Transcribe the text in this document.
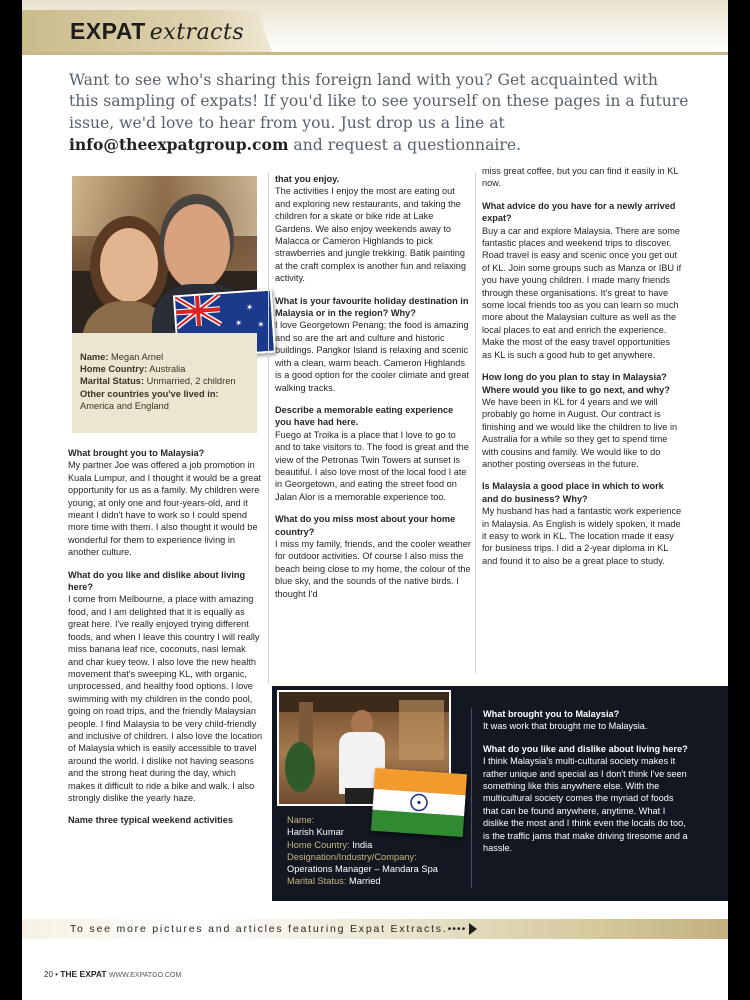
EXPAT extracts

Want to see who's sharing this foreign land with you? Get acquainted with this sampling of expats! If you'd like to see yourself on these pages in a future issue, we'd love to hear from you. Just drop us a line at info@theexpatgroup.com and request a questionnaire.

✶
✶ ✶
Name: Megan Arnel
Home Country: Australia
Marital Status: Unmarried, 2 children
Other countries you've lived in:
America and England

What brought you to Malaysia?
My partner Joe was offered a job promotion in Kuala Lumpur, and I thought it would be a great opportunity for us as a family. My children were young, at only one and four-years-old, and it meant I didn't have to work so I could spend more time with them. I also thought it would be wonderful for them to experience living in another culture.

What do you like and dislike about living here?
I come from Melbourne, a place with amazing food, and I am delighted that it is equally as great here. I've really enjoyed trying different foods, and when I leave this country I will really miss banana leaf rice, coconuts, nasi lemak and char kuey teow. I also love the new health movement that's sweeping KL, with organic, unprocessed, and healthy food options. I love swimming with my children in the condo pool, going on road trips, and the friendly Malaysian people. I find Malaysia to be very child-friendly and inclusive of children. I also love the location of Malaysia which is easily accessible to travel around the world. I dislike not having seasons and the strong heat during the day, which makes it difficult to ride a bike and walk. I also strongly dislike the yearly haze.

Name three typical weekend activities

that you enjoy.
The activities I enjoy the most are eating out and exploring new restaurants, and taking the children for a skate or bike ride at Lake Gardens. We also enjoy weekends away to Malacca or Cameron Highlands to pick strawberries and jungle trekking. Batik painting at the craft complex is another fun and relaxing activity.

What is your favourite holiday destination in Malaysia or in the region? Why?
I love Georgetown Penang; the food is amazing and so are the art and culture and historic buildings. Pangkor Island is relaxing and scenic with a clean, warm beach. Cameron Highlands is a good option for the cooler climate and great walking tracks.

Describe a memorable eating experience you have had here.
Fuego at Troika is a place that I love to go to and to take visitors to. The food is great and the view of the Petronas Twin Towers at sunset is beautiful. I also love most of the local food I ate in Georgetown, and eating the street food on Jalan Alor is a memorable experience too.

What do you miss most about your home country?
I miss my family, friends, and the cooler weather for outdoor activities. Of course I also miss the beach being close to my home, the colour of the blue sky, and the sounds of the native birds. I thought I'd

miss great coffee, but you can find it easily in KL now.

What advice do you have for a newly arrived expat?
Buy a car and explore Malaysia. There are some fantastic places and weekend trips to discover. Road travel is easy and scenic once you get out of KL. Join some groups such as Manza or IBU if you have young children. I made many friends through these organisations. It's great to have some local friends too as you can learn so much more about the Malaysian culture as well as the local places to eat and enrich the experience. Make the most of the easy travel opportunities as KL is such a good hub to get anywhere.

How long do you plan to stay in Malaysia? Where would you like to go next, and why?
We have been in KL for 4 years and we will probably go home in August. Our contract is finishing and we would like the children to live in Australia for a while so they get to spend time with cousins and family. We would like to do another posting overseas in the future.

Is Malaysia a good place in which to work and do business? Why?
My husband has had a fantastic work experience in Malaysia. As English is widely spoken, it made it easy to work in KL. The location made it easy for business trips. I did a 2-year diploma in KL and found it to also be a great place to study.

Name:
Harish Kumar
Home Country: India
Designation/Industry/Company:
Operations Manager – Mandara Spa
Marital Status: Married

What brought you to Malaysia?
It was work that brought me to Malaysia.

What do you like and dislike about living here?
I think Malaysia's multi-cultural society makes it rather unique and special as I don't think I've seen something like this anywhere else. With the multicultural society comes the myriad of foods that can be found anywhere, anytime. What I dislike the most and I think even the locals do too, is the traffic jams that make driving tiresome and a hassle.

To see more pictures and articles featuring Expat Extracts.••••
20 • THE EXPAT WWW.EXPATGO.COM
